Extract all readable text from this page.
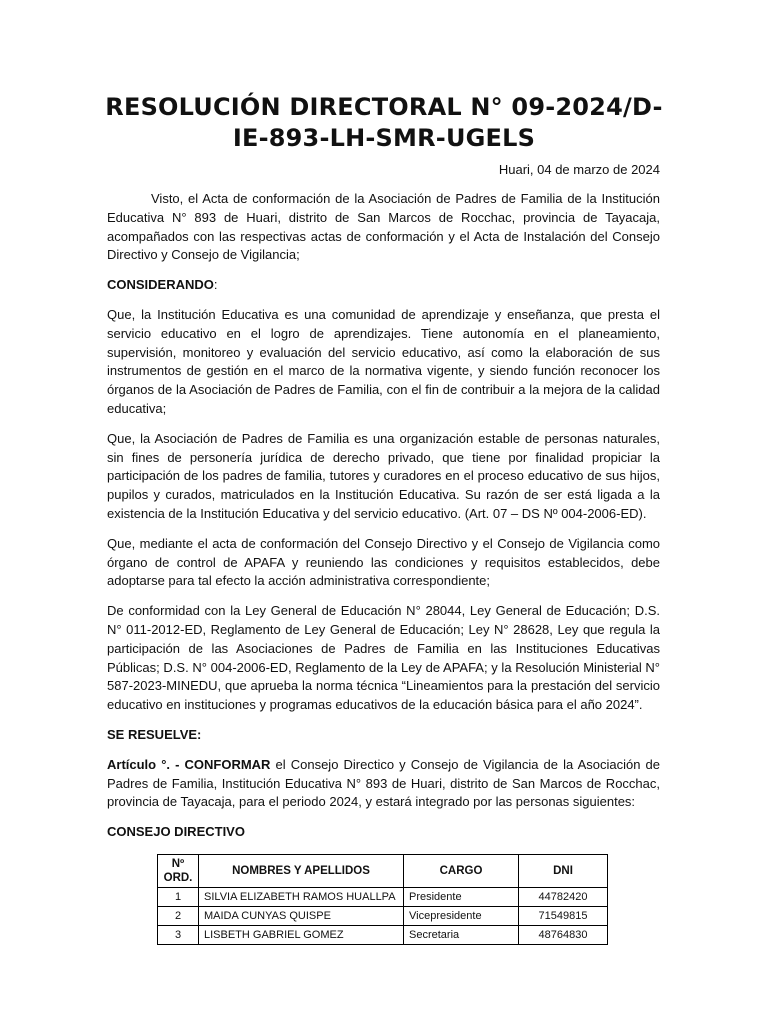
RESOLUCIÓN DIRECTORAL N° 09-2024/D-IE-893-LH-SMR-UGELS

Huari, 04 de marzo de 2024

Visto, el Acta de conformación de la Asociación de Padres de Familia de la Institución Educativa N° 893 de Huari, distrito de San Marcos de Rocchac, provincia de Tayacaja, acompañados con las respectivas actas de conformación y el Acta de Instalación del Consejo Directivo y Consejo de Vigilancia;

CONSIDERANDO:

Que, la Institución Educativa es una comunidad de aprendizaje y enseñanza, que presta el servicio educativo en el logro de aprendizajes. Tiene autonomía en el planeamiento, supervisión, monitoreo y evaluación del servicio educativo, así como la elaboración de sus instrumentos de gestión en el marco de la normativa vigente, y siendo función reconocer los órganos de la Asociación de Padres de Familia, con el fin de contribuir a la mejora de la calidad educativa;

Que, la Asociación de Padres de Familia es una organización estable de personas naturales, sin fines de personería jurídica de derecho privado, que tiene por finalidad propiciar la participación de los padres de familia, tutores y curadores en el proceso educativo de sus hijos, pupilos y curados, matriculados en la Institución Educativa. Su razón de ser está ligada a la existencia de la Institución Educativa y del servicio educativo. (Art. 07 – DS Nº 004-2006-ED).

Que, mediante el acta de conformación del Consejo Directivo y el Consejo de Vigilancia como órgano de control de APAFA y reuniendo las condiciones y requisitos establecidos, debe adoptarse para tal efecto la acción administrativa correspondiente;

De conformidad con la Ley General de Educación N° 28044, Ley General de Educación; D.S. N° 011-2012-ED, Reglamento de Ley General de Educación; Ley N° 28628, Ley que regula la participación de las Asociaciones de Padres de Familia en las Instituciones Educativas Públicas; D.S. N° 004-2006-ED, Reglamento de la Ley de APAFA; y la Resolución Ministerial N° 587-2023-MINEDU, que aprueba la norma técnica “Lineamientos para la prestación del servicio educativo en instituciones y programas educativos de la educación básica para el año 2024”.

SE RESUELVE:

Artículo °. - CONFORMAR el Consejo Directico y Consejo de Vigilancia de la Asociación de Padres de Familia, Institución Educativa N° 893 de Huari, distrito de San Marcos de Rocchac, provincia de Tayacaja, para el periodo 2024, y estará integrado por las personas siguientes:

CONSEJO DIRECTIVO

Nº ORD.	NOMBRES Y APELLIDOS	CARGO	DNI
1	SILVIA ELIZABETH RAMOS HUALLPA	Presidente	44782420
2	MAIDA CUNYAS QUISPE	Vicepresidente	71549815
3	LISBETH GABRIEL GOMEZ	Secretaria	48764830
